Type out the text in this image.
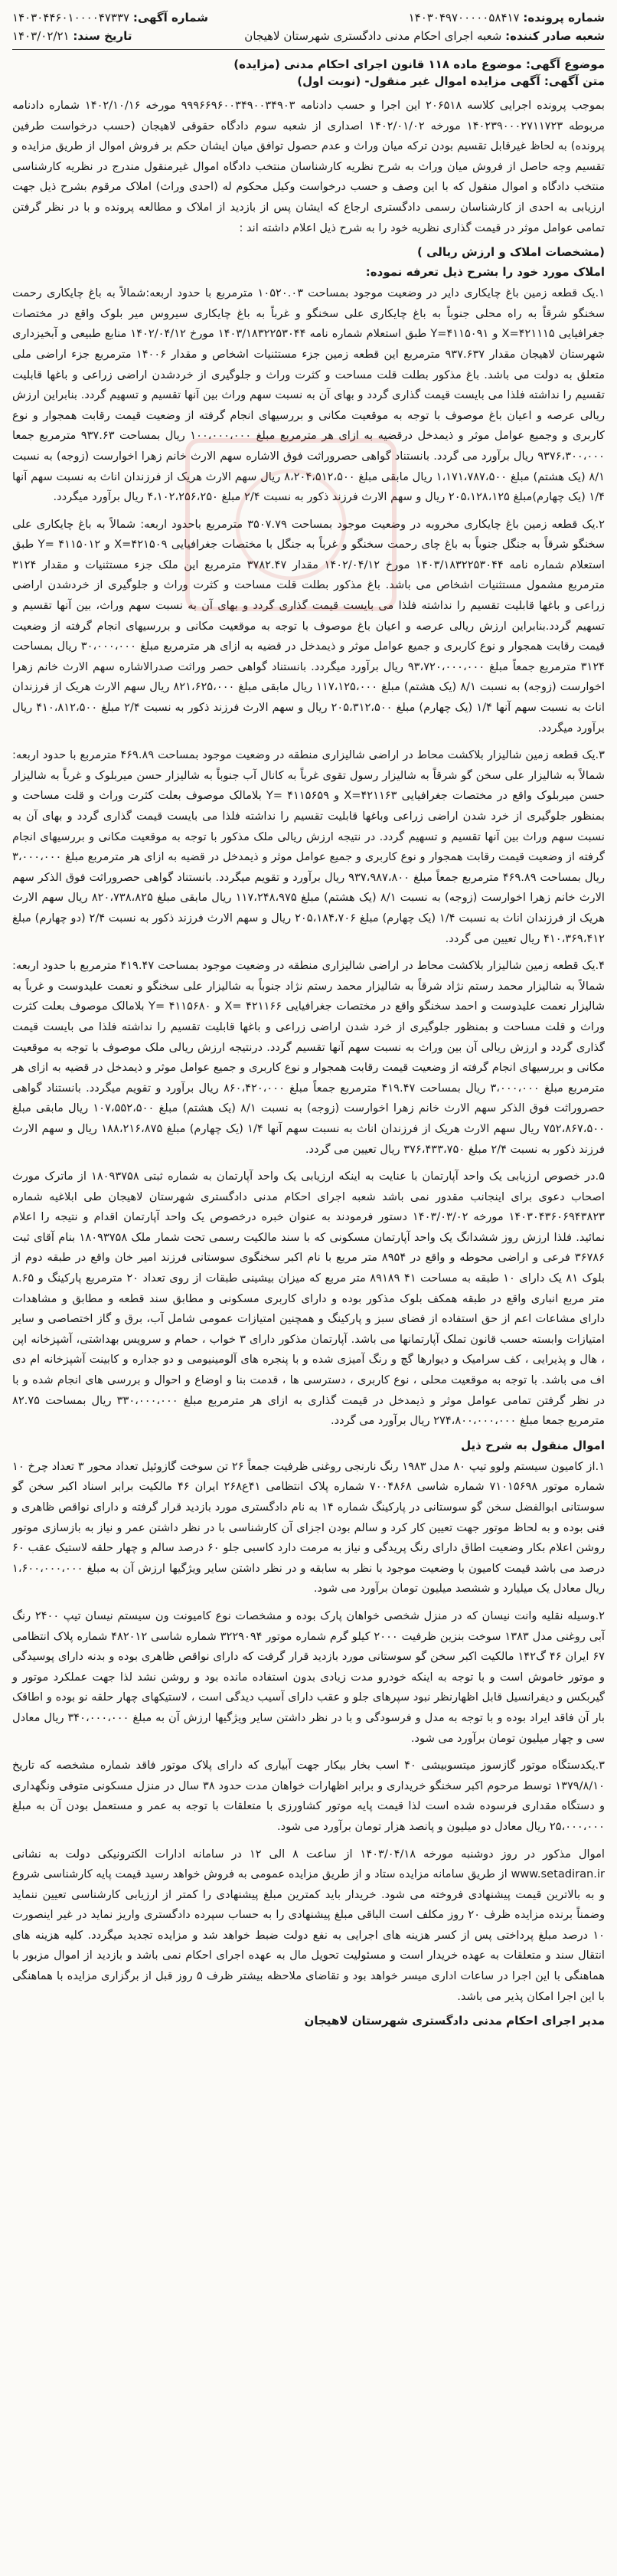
شماره پرونده: ۱۴۰۳۰۴۹۷۰۰۰۰۰۵۸۴۱۷
شماره آگهی: ۱۴۰۳۰۴۴۶۰۱۰۰۰۰۴۷۳۳۷
شعبه صادر کننده: شعبه اجرای احکام مدنی دادگستری شهرستان لاهیجان
تاریخ سند: ۱۴۰۳/۰۲/۲۱
موضوع آگهی: موضوع ماده ۱۱۸ قانون اجرای احکام مدنی (مزایده)
متن آگهی: آگهی مزایده اموال غیر منقول- (نوبت اول)

بموجب پرونده اجرایی کلاسه ۲۰۶۵۱۸ این اجرا و حسب دادنامه ۹۹۹۶۶۹۶۰۰۳۴۹۰۰۳۴۹۰۳ مورخه ۱۴۰۲/۱۰/۱۶ شماره دادنامه مربوطه ۱۴۰۲۳۹۰۰۰۲۷۱۱۷۲۳ مورخه ۱۴۰۲/۰۱/۰۲ اصداری از شعبه سوم دادگاه حقوقی لاهیجان (حسب درخواست طرفین پرونده) به لحاظ غیرقابل تقسیم بودن ترکه میان وراث و عدم حصول توافق میان ایشان حکم بر فروش اموال از طریق مزایده و تقسیم وجه حاصل از فروش میان وراث به شرح نظریه کارشناسان منتخب دادگاه اموال غیرمنقول مندرج در نظریه کارشناسی منتخب دادگاه و اموال منقول که با این وصف و حسب درخواست وکیل محکوم له (احدی وراث) املاک مرقوم بشرح ذیل جهت ارزیابی به احدی از کارشناسان رسمی دادگستری ارجاع که ایشان پس از بازدید از املاک و مطالعه پرونده و با در نظر گرفتن تمامی عوامل موثر در قیمت گذاری نظریه خود را به شرح ذیل اعلام داشته اند :

(مشخصات املاک و ارزش ریالی )
املاک مورد خود را بشرح ذیل تعرفه نموده:

۱.یک قطعه زمین باغ چایکاری دایر در وضعیت موجود بمساحت ۱۰۵۲۰.۰۳ مترمربع با حدود اربعه:شمالاً به باغ چایکاری رحمت سخنگو شرقاً به راه محلی جنوباً به باغ چایکاری علی سخنگو و غرباً به باغ چایکاری سیروس میر بلوک واقع در مختصات جغرافیایی X=۴۲۱۱۱۵ و Y=۴۱۱۵۰۹۱ طبق استعلام شماره نامه ۱۴۰۳/۱۸۳۲۲۵۳۰۴۴ مورخ ۱۴۰۲/۰۴/۱۲ منابع طبیعی و آبخیزداری شهرستان لاهیجان مقدار ۹۳۷.۶۳۷ مترمربع این قطعه زمین جزء مستثنیات اشخاص و مقدار ۱۴۰۰۶ مترمربع جزء اراضی ملی متعلق به دولت می باشد. باغ مذکور بطلت قلت مساحت و کثرت وراث و جلوگیری از خردشدن اراضی زراعی و باغها قابلیت تقسیم را نداشته فلذا می بایست قیمت گذاری گردد و بهای آن به نسبت سهم وراث بین آنها تقسیم و تسهیم گردد. بنابراین ارزش ریالی عرصه و اعیان باغ موصوف با توجه به موقعیت مکانی و بررسیهای انجام گرفته از وضعیت قیمت رقابت همجوار و نوع کاربری و وجمیع عوامل موثر و ذیمدخل درقضیه به ازای هر مترمربع مبلغ ۱۰۰،۰۰۰،۰۰۰ ریال بمساحت ۹۳۷.۶۳ مترمربع جمعا ۹۳۷۶،۳۰۰،۰۰۰ ریال برآورد می گردد. بانستناد گواهی حصروراثت فوق الاشاره سهم الارث خانم زهرا اخوارست (زوجه) به نسبت ۸/۱ (یک هشتم) مبلغ ۱،۱۷۱،۷۸۷،۵۰۰ ریال مابقی مبلغ ۸،۲۰۴،۵۱۲،۵۰۰ ریال سهم الارث هریک از فرزندان اناث به نسبت سهم آنها ۱/۴ (یک چهارم)مبلغ ۲۰۵،۱۲۸،۱۲۵ ریال و سهم الارث فرزند ذکور به نسبت ۲/۴ مبلغ ۴،۱۰۲،۲۵۶،۲۵۰ ریال برآورد میگردد.

۲.یک قطعه زمین باغ چایکاری مخروبه در وضعیت موجود بمساحت ۳۵۰۷.۷۹ مترمربع باحدود اربعه: شمالاً به باغ چایکاری علی سخنگو شرقاً به جنگل جنوباً به باغ چای رحمت سخنگو و غرباً به جنگل با مختصات جغرافیایی X=۴۲۱۵۰۹ و Y= ۴۱۱۵۰۱۲ طبق استعلام شماره نامه ۱۴۰۳/۱۸۳۲۲۵۳۰۴۴ مورخ ۱۴۰۲/۰۴/۱۲ مقدار ۳۷۸۲.۴۷ مترمربع این ملک جزء مستثنیات و مقدار ۳۱۲۴ مترمربع مشمول مستثنیات اشخاص می باشد. باغ مذکور بطلت قلت مساحت و کثرت وراث و جلوگیری از خردشدن اراضی زراعی و باغها قابلیت تقسیم را نداشته فلذا می بایست قیمت گذاری گردد و بهای آن به نسبت سهم وراث، بین آنها تقسیم و تسهیم گردد.بنابراین ارزش ریالی عرصه و اعیان باغ موصوف با توجه به موقعیت مکانی و بررسیهای انجام گرفته از وضعیت قیمت رقابت همجوار و نوع کاربری و جمیع عوامل موثر و ذیمدخل در قضیه به ازای هر مترمربع مبلغ ۳۰،۰۰۰،۰۰۰ ریال بمساحت ۳۱۲۴ مترمربع جمعاً مبلغ ۹۳،۷۲۰،۰۰۰،۰۰۰ ریال برآورد میگردد. بانستناد گواهی حصر وراثت صدرالاشاره سهم الارث خانم زهرا اخوارست (زوجه) به نسبت ۸/۱ (یک هشتم) مبلغ ۱۱۷،۱۲۵،۰۰۰ ریال مابقی مبلغ ۸۲۱،۶۲۵،۰۰۰ ریال سهم الارث هریک از فرزندان اناث به نسبت سهم آنها ۱/۴ (یک چهارم) مبلغ ۲۰۵،۳۱۲،۵۰۰ ریال و سهم الارث فرزند ذکور به نسبت ۲/۴ مبلغ ۴۱۰،۸۱۲،۵۰۰ ریال برآورد میگردد.

۳.یک قطعه زمین شالیزار بلاکشت محاط در اراضی شالیزاری منطقه در وضعیت موجود بمساحت ۴۶۹.۸۹ مترمربع با حدود اربعه: شمالاً به شالیزار علی سخن گو شرقاً به شالیزار رسول تقوی غرباً به کانال آب جنوباً به شالیزار حسن میربلوک و غرباً به شالیزار حسن میربلوک واقع در مختصات جغرافیایی X=۴۲۱۱۶۳ و Y= ۴۱۱۵۶۵۹ بلامالک موصوف بعلت کثرت وراث و قلت مساحت و بمنظور جلوگیری از خرد شدن اراضی زراعی وباغها قابلیت تقسیم را نداشته فلذا می بایست قیمت گذاری گردد و بهای آن به نسبت سهم وراث بین آنها تقسیم و تسهیم گردد. در نتیجه ارزش ریالی ملک مذکور با توجه به موقعیت مکانی و بررسیهای انجام گرفته از وضعیت قیمت رقابت همجوار و نوع کاربری و جمیع عوامل موثر و ذیمدخل در قضیه به ازای هر مترمربع مبلغ ۳،۰۰۰،۰۰۰ ریال بمساحت ۴۶۹.۸۹ مترمربع جمعاً مبلغ ۹۳۷،۹۸۷،۸۰۰ ریال برآورد و تقویم میگردد. بانستناد گواهی حصروراثت فوق الذکر سهم الارث خانم زهرا اخوارست (زوجه) به نسبت ۸/۱ (یک هشتم) مبلغ ۱۱۷،۲۴۸،۹۷۵ ریال مابقی مبلغ ۸۲۰،۷۳۸،۸۲۵ ریال سهم الارث هریک از فرزندان اناث به نسبت ۱/۴ (یک چهارم) مبلغ ۲۰۵،۱۸۴،۷۰۶ ریال و سهم الارث فرزند ذکور به نسبت ۲/۴ (دو چهارم) مبلغ ۴۱۰،۳۶۹،۴۱۲ ریال تعیین می گردد.

۴.یک قطعه زمین شالیزار بلاکشت محاط در اراضی شالیزاری منطقه در وضعیت موجود بمساحت ۴۱۹.۴۷ مترمربع با حدود اربعه: شمالاً به شالیزار محمد رستم نژاد شرقاً به شالیزار محمد رستم نژاد جنوباً به شالیزار علی سخنگو و نعمت علیدوست و غرباً به شالیزار نعمت علیدوست و احمد سخنگو واقع در مختصات جغرافیایی X= ۴۲۱۱۶۶ و Y= ۴۱۱۵۶۸۰ بلامالک موصوف بعلت کثرت وراث و قلت مساحت و بمنظور جلوگیری از خرد شدن اراضی زراعی و باغها قابلیت تقسیم را نداشته فلذا می بایست قیمت گذاری گردد و ارزش ریالی آن بین وراث به نسبت سهم آنها تقسیم گردد. درنتیجه ارزش ریالی ملک موصوف با توجه به موقعیت مکانی و بررسیهای انجام گرفته از وضعیت قیمت رقابت همجوار و نوع کاربری و جمیع عوامل موثر و ذیمدخل در قضیه به ازای هر مترمربع مبلغ ۳،۰۰۰،۰۰۰ ریال بمساحت ۴۱۹.۴۷ مترمربع جمعاً مبلغ ۸۶۰،۴۲۰،۰۰۰ ریال برآورد و تقویم میگردد. بانستناد گواهی حصروراثت فوق الذکر سهم الارث خانم زهرا اخوارست (زوجه) به نسبت ۸/۱ (یک هشتم) مبلغ ۱۰۷،۵۵۲،۵۰۰ ریال مابقی مبلغ ۷۵۲،۸۶۷،۵۰۰ ریال سهم الارث هریک از فرزندان اناث به نسبت سهم آنها ۱/۴ (یک چهارم) مبلغ ۱۸۸،۲۱۶،۸۷۵ ریال و سهم الارث فرزند ذکور به نسبت ۲/۴ مبلغ ۳۷۶،۴۳۳،۷۵۰ ریال تعیین می گردد.

۵.در خصوص ارزیابی یک واحد آپارتمان با عنایت به اینکه ارزیابی یک واحد آپارتمان به شماره ثبتی ۱۸۰۹۳۷۵۸ از ماترک مورث اصحاب دعوی برای اینجانب مقدور نمی باشد شعبه اجرای احکام مدنی دادگستری شهرستان لاهیجان طی ابلاغیه شماره ۱۴۰۳۰۴۳۶۰۶۹۴۳۸۲۳ مورخه ۱۴۰۳/۰۳/۰۲ دستور فرمودند به عنوان خبره درخصوص یک واحد آپارتمان اقدام و نتیجه را اعلام نمائید. فلذا ارزش روز ششدانگ یک واحد آپارتمان مسکونی که با سند مالکیت رسمی تحت شمار ملک ۱۸۰۹۳۷۵۸ بنام آقای ثبت ۳۶۷۸۶ فرعی و اراضی محوطه و واقع در ۸۹۵۴ متر مربع با نام اکبر سخنگوی سوستانی فرزند امیر خان واقع در طبقه دوم از بلوک ۸۱ یک دارای ۱۰ طبقه به مساحت ۴۱ ۸۹۱۸۹ متر مربع که میزان بیشینی طبقات از روی تعداد ۲۰ مترمربع پارکینگ و ۸.۶۵ متر مربع انباری واقع در طبقه همکف بلوک مذکور بوده و دارای کاربری مسکونی و مطابق سند قطعه و مطابق و مشاهدات دارای مشاعات اعم از حق استفاده از فضای سبز و پارکینگ و همچنین امتیازات عمومی شامل آب، برق و گاز اختصاصی و سایر امتیازات وابسته حسب قانون تملک آپارتمانها می باشد. آپارتمان مذکور دارای ۳ خواب ، حمام و سرویس بهداشتی، آشپزخانه اپن ، هال و پذیرایی ، کف سرامیک و دیوارها گچ و رنگ آمیزی شده و با پنجره های آلومینیومی و دو جداره و کابینت آشپزخانه ام دی اف می باشد. با توجه به موقعیت محلی ، نوع کاربری ، دسترسی ها ، قدمت بنا و اوضاع و احوال و بررسی های انجام شده و با در نظر گرفتن تمامی عوامل موثر و ذیمدخل در قیمت گذاری به ازای هر مترمربع مبلغ ۳۳۰،۰۰۰،۰۰۰ ریال بمساحت ۸۲.۷۵ مترمربع جمعا مبلغ ۲۷۴،۸۰۰،۰۰۰،۰۰۰ ریال برآورد می گردد.

اموال منقول به شرح ذیل

۱.از کامیون سیستم ولوو تیپ ۸۰ مدل ۱۹۸۳ رنگ نارنجی روغنی ظرفیت جمعاً ۲۶ تن سوخت گازوئیل تعداد محور ۳ تعداد چرخ ۱۰ شماره موتور ۷۱۰۱۵۶۹۸ شماره شاسی ۷۰۰۴۸۶۸ شماره پلاک انتظامی ۴۱ع۲۶۸ ایران ۴۶ مالکیت برابر اسناد اکبر سخن گو سوستانی ابوالفضل سخن گو سوستانی در پارکینگ شماره ۱۴ به نام دادگستری مورد بازدید قرار گرفته و دارای نواقص ظاهری و فنی بوده و به لحاظ موتور جهت تعیین کار کرد و سالم بودن اجزای آن کارشناسی با در نظر داشتن عمر و نیاز به بازسازی موتور روشن اعلام بکار وضعیت اطاق دارای رنگ پریدگی و نیاز به مرمت دارد کاسبی جلو ۶۰ درصد سالم و چهار حلقه لاستیک عقب ۶۰ درصد می باشد قیمت کامیون با وضعیت موجود با نظر به سابقه و در نظر داشتن سایر ویژگیها ارزش آن به مبلغ ۱،۶۰۰،۰۰۰،۰۰۰ ریال معادل یک میلیارد و ششصد میلیون تومان برآورد می شود.

۲.وسیله نقلیه وانت نیسان که در منزل شخصی خواهان پارک بوده و مشخصات نوع کامیونت ون سیستم نیسان تیپ ۲۴۰۰ رنگ آبی روغنی مدل ۱۳۸۳ سوخت بنزین ظرفیت ۲۰۰۰ کیلو گرم شماره موتور ۳۲۲۹۰۹۴ شماره شاسی ۴۸۲۰۱۲ شماره پلاک انتظامی ۶۷ ایران ۴۶ گ۱۴۲ مالکیت اکبر سخن گو سوستانی مورد بازدید قرار گرفت که دارای نواقص ظاهری بوده و بدنه دارای پوسیدگی و موتور خاموش است و با توجه به اینکه خودرو مدت زیادی بدون استفاده مانده بود و روشن نشد لذا جهت عملکرد موتور و گیربکس و دیفرانسیل قابل اظهارنظر نبود سپرهای جلو و عقب دارای آسیب دیدگی است ، لاستیکهای چهار حلقه نو بوده و اطاقک بار آن فاقد ایراد بوده و با توجه به مدل و فرسودگی و با در نظر داشتن سایر ویژگیها ارزش آن به مبلغ ۳۴۰،۰۰۰،۰۰۰ ریال معادل سی و چهار میلیون تومان برآورد می شود.

۳.یکدستگاه موتور گازسوز میتسوبیشی ۴۰ اسب بخار بیکار جهت آبیاری که دارای پلاک موتور فاقد شماره مشخصه که تاریخ ۱۳۷۹/۸/۱۰ توسط مرحوم اکبر سخنگو خریداری و برابر اظهارات خواهان مدت حدود ۳۸ سال در منزل مسکونی متوفی ونگهداری و دستگاه مقداری فرسوده شده است لذا قیمت پایه موتور کشاورزی با متعلقات با توجه به عمر و مستعمل بودن آن به مبلغ ۲۵،۰۰۰،۰۰۰ ریال معادل دو میلیون و پانصد هزار تومان برآورد می شود.

اموال مذکور در روز دوشنبه مورخه ۱۴۰۳/۰۴/۱۸ از ساعت ۸ الی ۱۲ در سامانه ادارات الکترونیکی دولت به نشانی www.setadiran.ir از طریق سامانه مزایده ستاد و از طریق مزایده عمومی به فروش خواهد رسید قیمت پایه کارشناسی شروع و به بالاترین قیمت پیشنهادی فروخته می شود. خریدار باید کمترین مبلغ پیشنهادی را کمتر از ارزیابی کارشناسی تعیین ننماید وضمناً برنده مزایده ظرف ۲۰ روز مکلف است الباقی مبلغ پیشنهادی را به حساب سپرده دادگستری واریز نماید در غیر اینصورت ۱۰ درصد مبلغ پرداختی پس از کسر هزینه های اجرایی به نفع دولت ضبط خواهد شد و مزایده تجدید میگردد. کلیه هزینه های انتقال سند و متعلقات به عهده خریدار است و مسئولیت تحویل مال به عهده اجرای احکام نمی باشد و بازدید از اموال مزبور با هماهنگی با این اجرا در ساعات اداری میسر خواهد بود و تقاضای ملاحظه بیشتر ظرف ۵ روز قبل از برگزاری مزایده با هماهنگی با این اجرا امکان پذیر می باشد.

مدیر اجرای احکام مدنی دادگستری شهرستان لاهیجان
